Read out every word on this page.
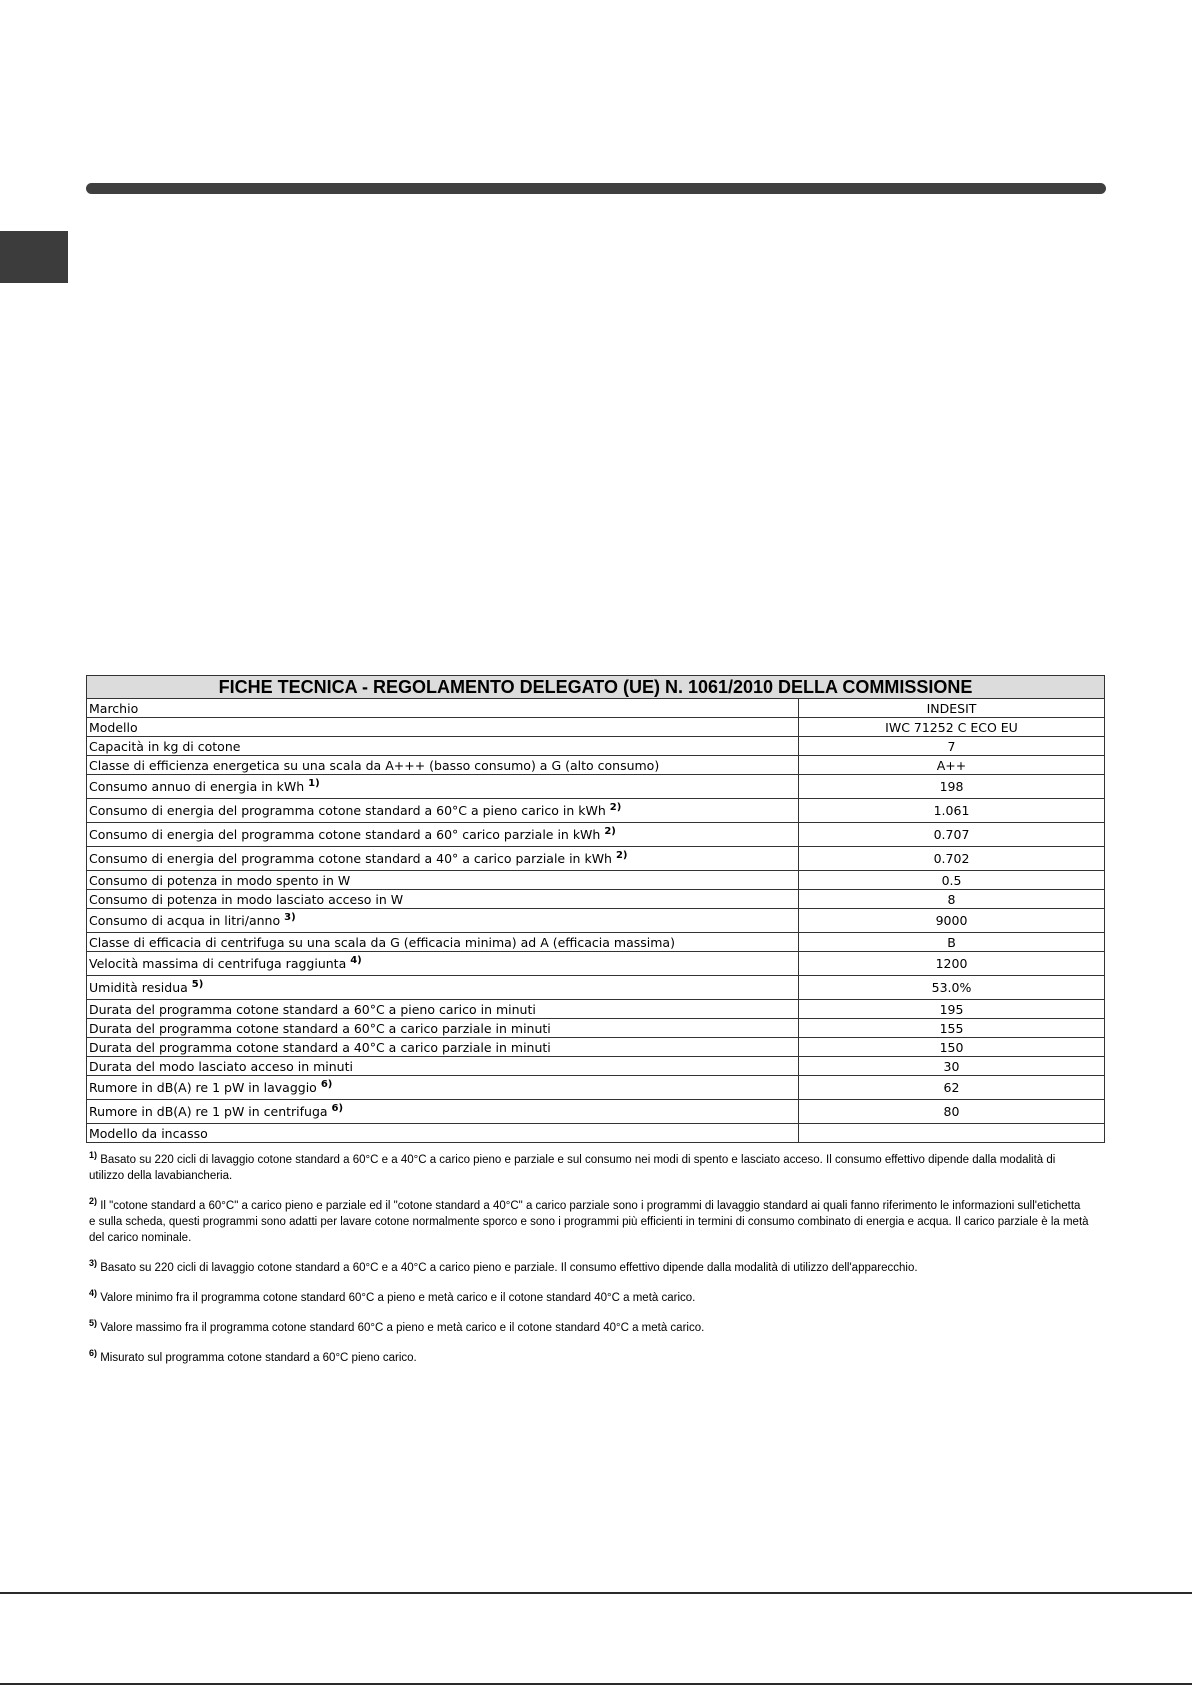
FICHE TECNICA - REGOLAMENTO DELEGATO (UE) N. 1061/2010 DELLA COMMISSIONE	
Marchio	INDESIT
Modello	IWC 71252 C ECO EU
Capacità in kg di cotone	7
Classe di efficienza energetica su una scala da A+++ (basso consumo) a G (alto consumo)	A++
Consumo annuo di energia in kWh $^{1)}$	198
Consumo di energia del programma cotone standard a 60°C a pieno carico in kWh $^{2)}$	1.061
Consumo di energia del programma cotone standard a 60° carico parziale in kWh $^{2)}$	0.707
Consumo di energia del programma cotone standard a 40° a carico parziale in kWh $^{2)}$	0.702
Consumo di potenza in modo spento in W	0.5
Consumo di potenza in modo lasciato acceso in W	8
Consumo di acqua in litri/anno $^{3)}$	9000
Classe di efficacia di centrifuga su una scala da G (efficacia minima) ad A (efficacia massima)	B
Velocità massima di centrifuga raggiunta $^{4)}$	1200
Umidità residua $^{5)}$	53.0%
Durata del programma cotone standard a 60°C a pieno carico in minuti	195
Durata del programma cotone standard a 60°C a carico parziale in minuti	155
Durata del programma cotone standard a 40°C a carico parziale in minuti	150
Durata del modo lasciato acceso in minuti	30
Rumore in dB(A) re 1 pW in lavaggio $^{6)}$	62
Rumore in dB(A) re 1 pW in centrifuga $^{6)}$	80
Modello da incasso	

$^{1)}$ Basato su 220 cicli di lavaggio cotone standard a 60°C e a 40°C a carico pieno e parziale e sul consumo nei modi di spento e lasciato acceso. Il consumo effettivo dipende dalla modalità di utilizzo della lavabiancheria.

$^{2)}$ Il "cotone standard a 60°C" a carico pieno e parziale ed il "cotone standard a 40°C" a carico parziale sono i programmi di lavaggio standard ai quali fanno riferimento le informazioni sull'etichetta e sulla scheda, questi programmi sono adatti per lavare cotone normalmente sporco e sono i programmi più efficienti in termini di consumo combinato di energia e acqua. Il carico parziale è la metà del carico nominale.

$^{3)}$ Basato su 220 cicli di lavaggio cotone standard a 60°C e a 40°C a carico pieno e parziale. Il consumo effettivo dipende dalla modalità di utilizzo dell'apparecchio.

$^{4)}$ Valore minimo fra il programma cotone standard 60°C a pieno e metà carico e il cotone standard 40°C a metà carico.

$^{5)}$ Valore massimo fra il programma cotone standard 60°C a pieno e metà carico e il cotone standard 40°C a metà carico.

$^{6)}$ Misurato sul programma cotone standard a 60°C pieno carico.
